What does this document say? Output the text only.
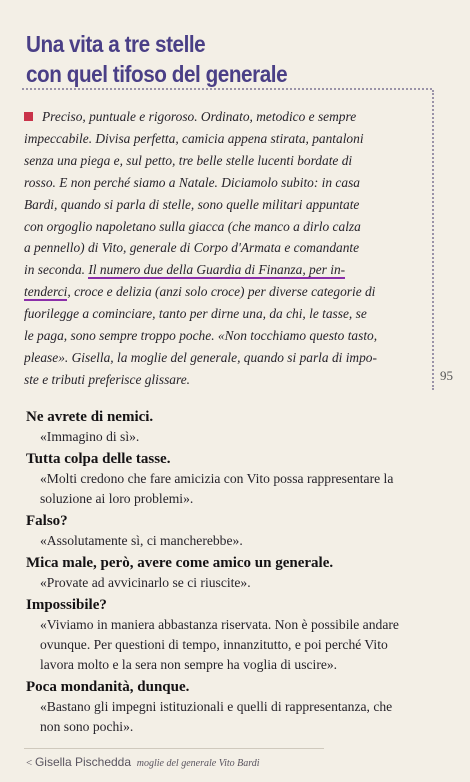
Una vita a tre stelle
con quel tifoso del generale
Preciso, puntuale e rigoroso. Ordinato, metodico e sempre
impeccabile. Divisa perfetta, camicia appena stirata, pantaloni
senza una piega e, sul petto, tre belle stelle lucenti bordate di
rosso. E non perché siamo a Natale. Diciamolo subito: in casa
Bardi, quando si parla di stelle, sono quelle militari appuntate
con orgoglio napoletano sulla giacca (che manco a dirlo calza
a pennello) di Vito, generale di Corpo d'Armata e comandante
in seconda. Il numero due della Guardia di Finanza, per in-
tenderci, croce e delizia (anzi solo croce) per diverse categorie di
fuorilegge a cominciare, tanto per dirne una, da chi, le tasse, se
le paga, sono sempre troppo poche. «Non tocchiamo questo tasto,
please». Gisella, la moglie del generale, quando si parla di impo-
ste e tributi preferisce glissare.	95
Ne avrete di nemici.
«Immagino di sì».
Tutta colpa delle tasse.
«Molti credono che fare amicizia con Vito possa rappresentare la
soluzione ai loro problemi».
Falso?
«Assolutamente sì, ci mancherebbe».
Mica male, però, avere come amico un generale.
«Provate ad avvicinarlo se ci riuscite».
Impossibile?
«Viviamo in maniera abbastanza riservata. Non è possibile andare
ovunque. Per questioni di tempo, innanzitutto, e poi perché Vito
lavora molto e la sera non sempre ha voglia di uscire».
Poca mondanità, dunque.
«Bastano gli impegni istituzionali e quelli di rappresentanza, che
non sono pochi».
< Gisella Pischedda moglie del generale Vito Bardi
